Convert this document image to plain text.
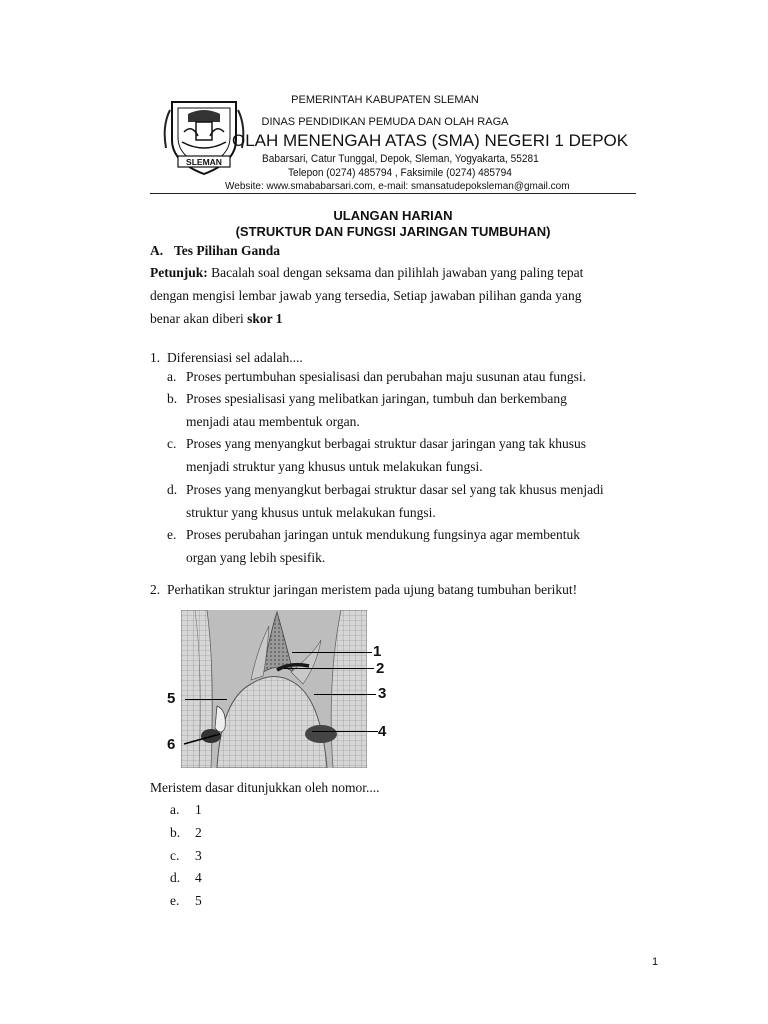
SLEMAN
PEMERINTAH KABUPATEN SLEMAN
DINAS PENDIDIKAN PEMUDA DAN OLAH RAGA
OLAH MENENGAH ATAS (SMA) NEGERI 1 DEPOK
Babarsari, Catur Tunggal, Depok, Sleman, Yogyakarta, 55281
Telepon (0274) 485794 , Faksimile (0274) 485794
Website: www.smababarsari.com, e-mail: smansatudepoksleman@gmail.com
ULANGAN HARIAN
(STRUKTUR DAN FUNGSI JARINGAN TUMBUHAN)
A. Tes Pilihan Ganda
Petunjuk: Bacalah soal dengan seksama dan pilihlah jawaban yang paling tepat
dengan mengisi lembar jawab yang tersedia, Setiap jawaban pilihan ganda yang
benar akan diberi skor 1
1. Diferensiasi sel adalah....
a. Proses pertumbuhan spesialisasi dan perubahan maju susunan atau fungsi.
b. Proses spesialisasi yang melibatkan jaringan, tumbuh dan berkembang
menjadi atau membentuk organ.
c. Proses yang menyangkut berbagai struktur dasar jaringan yang tak khusus
menjadi struktur yang khusus untuk melakukan fungsi.
d. Proses yang menyangkut berbagai struktur dasar sel yang tak khusus menjadi
struktur yang khusus untuk melakukan fungsi.
e. Proses perubahan jaringan untuk mendukung fungsinya agar membentuk
organ yang lebih spesifik.
2. Perhatikan struktur jaringan meristem pada ujung batang tumbuhan berikut!
1
2
3
4
5
6
Meristem dasar ditunjukkan oleh nomor....
a. 1
b. 2
c. 3
d. 4
e. 5
1
